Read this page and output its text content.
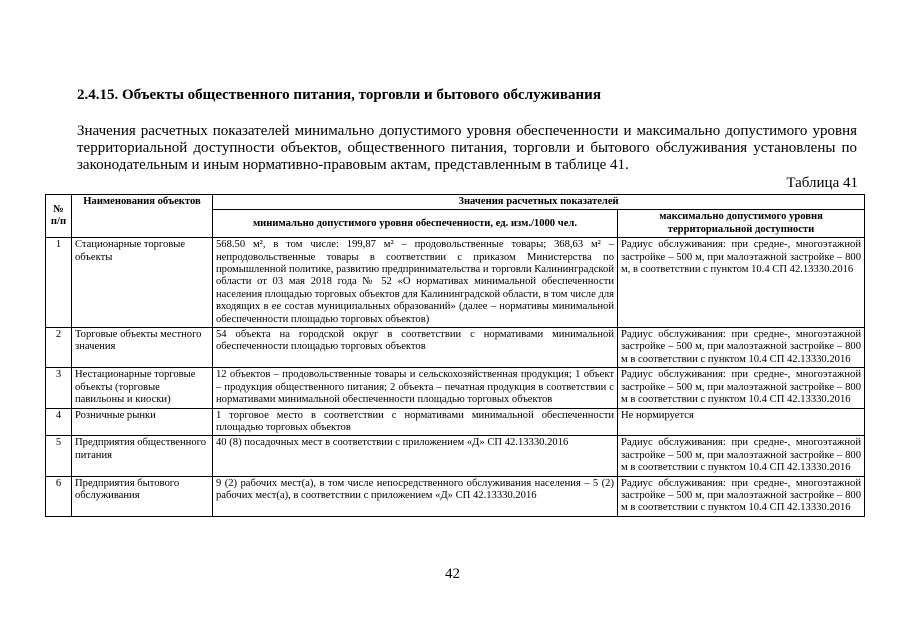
2.4.15. Объекты общественного питания, торговли и бытового обслуживания

Значения расчетных показателей минимально допустимого уровня обеспеченности и максимально допустимого уровня территориальной доступности объектов, общественного питания, торговли и бытового обслуживания установлены по законодательным и иным нормативно-правовым актам, представленным в таблице 41.

Таблица 41
№ п/п	Наименования объектов	Значения расчетных показателей	
		минимально допустимого уровня обеспеченности, ед. изм./1000 чел.	максимально допустимого уровня территориальной доступности
1	Стационарные торговые объекты	568.50 м², в том числе: 199,87 м² – продовольственные товары; 368,63 м² – непродовольственные товары в соответствии с приказом Министерства по промышленной политике, развитию предпринимательства и торговли Калининградской области от 03 мая 2018 года № 52 «О нормативах минимальной обеспеченности населения площадью торговых объектов для Калининградской области, в том числе для входящих в ее состав муниципальных образований» (далее – нормативы минимальной обеспеченности площадью торговых объектов)	Радиус обслуживания: при средне-, многоэтажной застройке – 500 м, при малоэтажной застройке – 800 м, в соответствии с пунктом 10.4 СП 42.13330.2016
2	Торговые объекты местного значения	54 объекта на городской округ в соответствии с нормативами минимальной обеспеченности площадью торговых объектов	Радиус обслуживания: при средне-, многоэтажной застройке – 500 м, при малоэтажной застройке – 800 м в соответствии с пунктом 10.4 СП 42.13330.2016
3	Нестационарные торговые объекты (торговые павильоны и киоски)	12 объектов – продовольственные товары и сельскохозяйственная продукция; 1 объект – продукция общественного питания; 2 объекта – печатная продукция в соответствии с нормативами минимальной обеспеченности площадью торговых объектов	Радиус обслуживания: при средне-, многоэтажной застройке – 500 м, при малоэтажной застройке – 800 м в соответствии с пунктом 10.4 СП 42.13330.2016
4	Розничные рынки	1 торговое место в соответствии с нормативами минимальной обеспеченности площадью торговых объектов	Не нормируется
5	Предприятия общественного питания	40 (8) посадочных мест в соответствии с приложением «Д» СП 42.13330.2016	Радиус обслуживания: при средне-, многоэтажной застройке – 500 м, при малоэтажной застройке – 800 м в соответствии с пунктом 10.4 СП 42.13330.2016
6	Предприятия бытового обслуживания	9 (2) рабочих мест(а), в том числе непосредственного обслуживания населения – 5 (2) рабочих мест(а), в соответствии с приложением «Д» СП 42.13330.2016	Радиус обслуживания: при средне-, многоэтажной застройке – 500 м, при малоэтажной застройке – 800 м в соответствии с пунктом 10.4 СП 42.13330.2016
42
